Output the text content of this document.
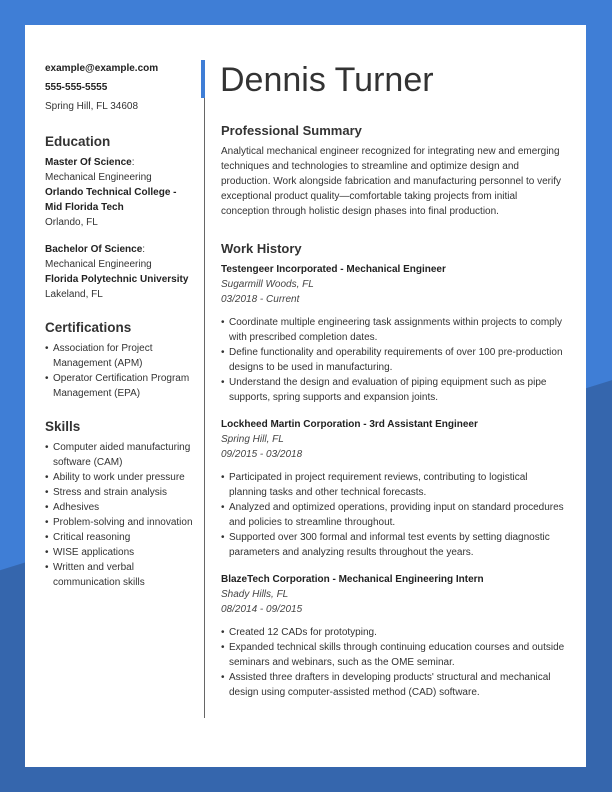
example@example.com
555-555-5555
Spring Hill, FL 34608
Education
Master Of Science:
Mechanical Engineering
Orlando Technical College - Mid Florida Tech
Orlando, FL
Bachelor Of Science:
Mechanical Engineering
Florida Polytechnic University
Lakeland, FL
Certifications
• Association for Project Management (APM)
• Operator Certification Program Management (EPA)
Skills
• Computer aided manufacturing software (CAM)
• Ability to work under pressure
• Stress and strain analysis
• Adhesives
• Problem-solving and innovation
• Critical reasoning
• WISE applications
• Written and verbal communication skills
Dennis Turner
Professional Summary
Analytical mechanical engineer recognized for integrating new and emerging techniques and technologies to streamline and optimize design and production. Work alongside fabrication and manufacturing personnel to verify exceptional product quality—comfortable taking projects from initial conception through holistic design phases into final production.
Work History
Testengeer Incorporated - Mechanical Engineer
Sugarmill Woods, FL
03/2018 - Current
• Coordinate multiple engineering task assignments within projects to comply with prescribed completion dates.
• Define functionality and operability requirements of over 100 pre-production designs to be used in manufacturing.
• Understand the design and evaluation of piping equipment such as pipe supports, spring supports and expansion joints.
Lockheed Martin Corporation - 3rd Assistant Engineer
Spring Hill, FL
09/2015 - 03/2018
• Participated in project requirement reviews, contributing to logistical planning tasks and other technical forecasts.
• Analyzed and optimized operations, providing input on standard procedures and policies to streamline throughout.
• Supported over 300 formal and informal test events by setting diagnostic parameters and analyzing results throughout the years.
BlazeTech Corporation - Mechanical Engineering Intern
Shady Hills, FL
08/2014 - 09/2015
• Created 12 CADs for prototyping.
• Expanded technical skills through continuing education courses and outside seminars and webinars, such as the OME seminar.
• Assisted three drafters in developing products' structural and mechanical design using computer-assisted method (CAD) software.
